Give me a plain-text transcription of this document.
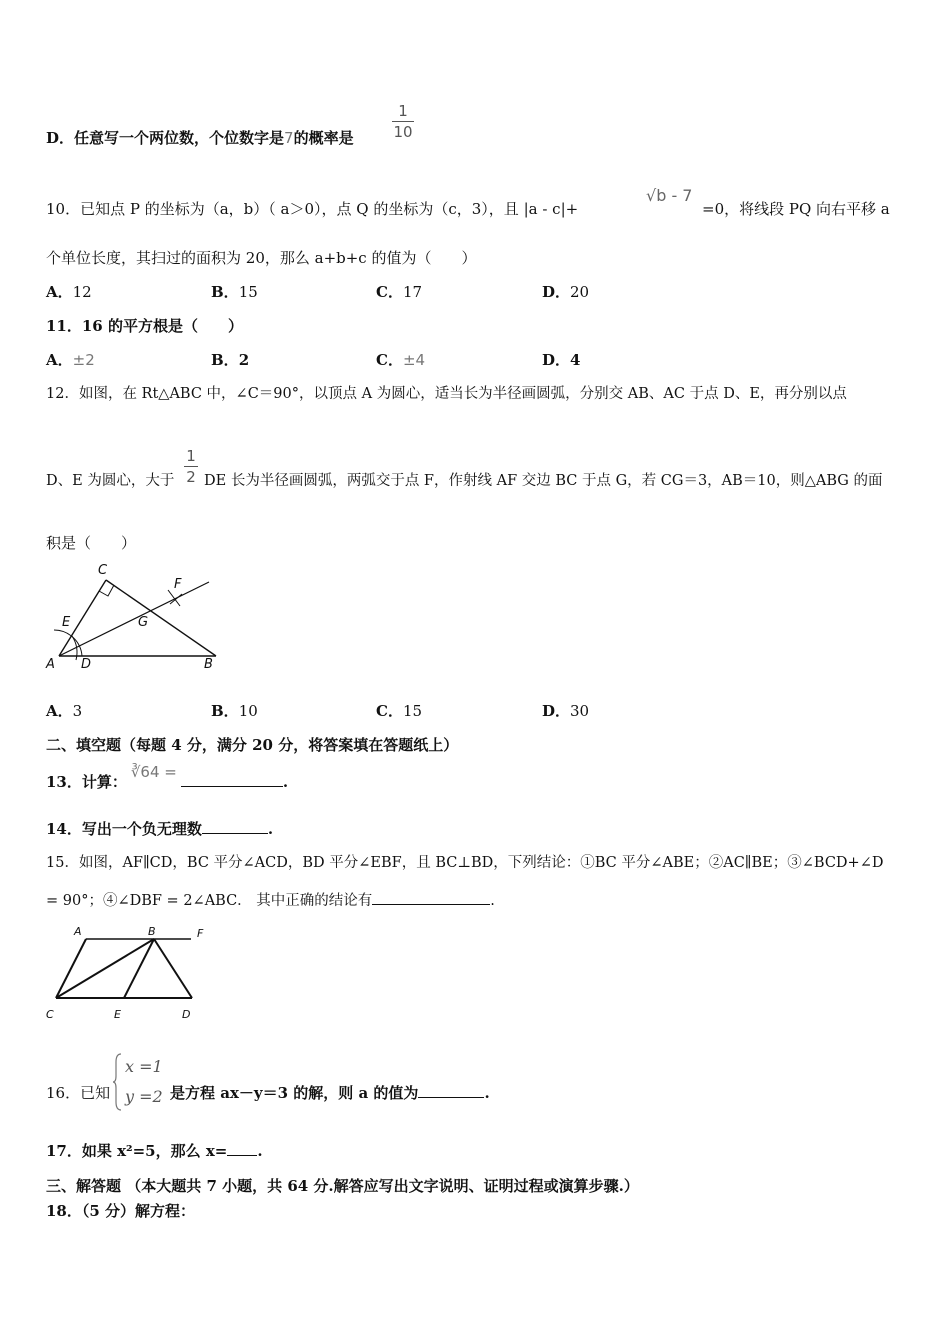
D．任意写一个两位数，个位数字是7的概率是	$\frac{1}{10}$
10．已知点 P 的坐标为（a，b）（ a＞0），点 Q 的坐标为（c，3），且 |a - c|+
√b - 7
=0，将线段 PQ 向右平移 a
个单位长度，其扫过的面积为 20，那么 a+b+c 的值为（　　）
A．12	B．15	C．17	D．20
11．16 的平方根是（　　）
A．±2	B．2	C．±4	D．4
12．如图，在 Rt△ABC 中，∠C＝90°，以顶点 A 为圆心，适当长为半径画圆弧，分别交 AB、AC 于点 D、E，再分别以点
D、E 为圆心，大于 $\frac{1}{2}$ DE 长为半径画圆弧，两弧交于点 F，作射线 AF 交边 BC 于点 G，若 CG＝3，AB＝10，则△ABG 的面
积是（　　）
C
F
E	G
A D	B
A．3	B．10	C．15	D．30
二、填空题（每题 4 分，满分 20 分，将答案填在答题纸上）
13．计算：∛64 =.
14．写出一个负无理数	.
15．如图，AF∥CD，BC 平分∠ACD，BD 平分∠EBF，且 BC⊥BD，下列结论：①BC 平分∠ABE；②AC∥BE；③∠BCD+∠D
= 90°；④∠DBF = 2∠ABC． 其中正确的结论有	.
A	B	F
C	E	D
16．已知
x =1
y =2 是方程 ax－y＝3 的解，则 a 的值为	.
17．如果 x²=5，那么 x= .
三、解答题 （本大题共 7 小题，共 64 分.解答应写出文字说明、证明过程或演算步骤.）
18．（5 分）解方程：
